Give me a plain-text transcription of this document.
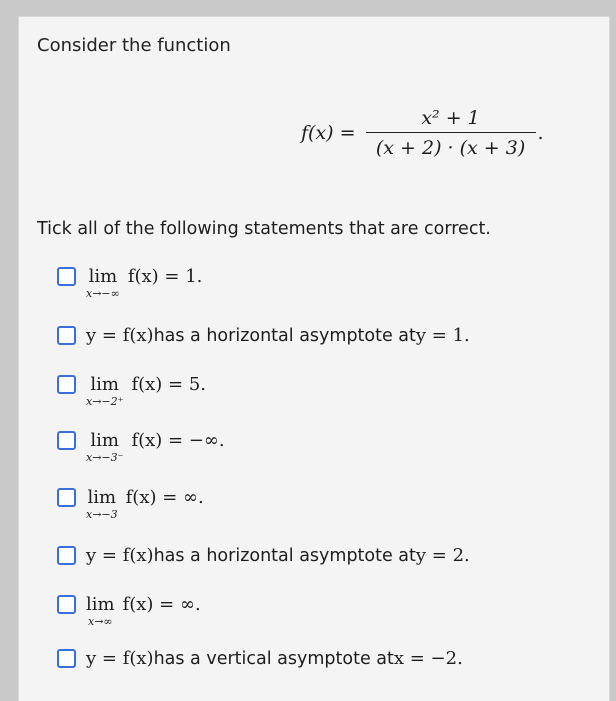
Consider the function
$f(x) = \frac{\text{x² + 1}}{(x + 2) \cdot (x + 3)}$ .
Tick all of the following statements that are correct.
lim
x→−∞
f(x) = 1.
y = f(x) has a horizontal asymptote at y = 1.
lim
x→−2⁺
f(x) = 5.
lim
x→−3⁻
f(x) = −∞.
lim
x→−3
f(x) = ∞.
y = f(x) has a horizontal asymptote at y = 2.
lim
x→∞
f(x) = ∞.
y = f(x) has a vertical asymptote at x = −2.
